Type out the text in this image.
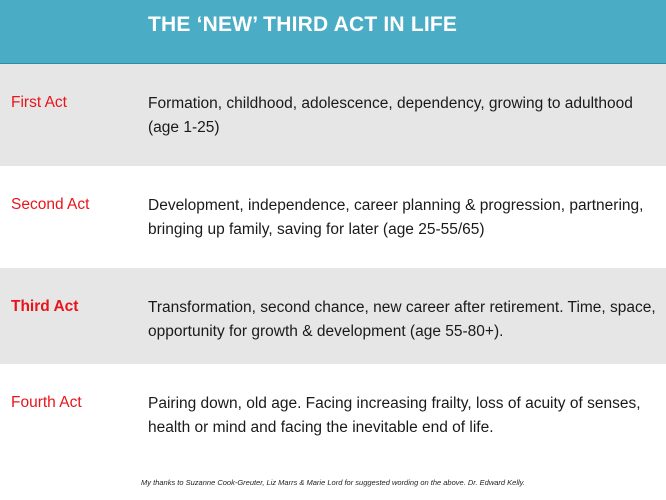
THE ‘NEW’ THIRD ACT IN LIFE
First Act	Formation, childhood, adolescence, dependency, growing to adulthood (age 1-25)
Second Act	Development, independence, career planning & progression, partnering, bringing up family, saving for later (age 25-55/65)
Third Act	Transformation, second chance, new career after retirement. Time, space, opportunity for growth & development (age 55-80+).
Fourth Act	Pairing down, old age. Facing increasing frailty, loss of acuity of senses, health or mind and facing the inevitable end of life.
My thanks to Suzanne Cook-Greuter, Liz Marrs & Marie Lord for suggested wording on the above. Dr. Edward Kelly.
